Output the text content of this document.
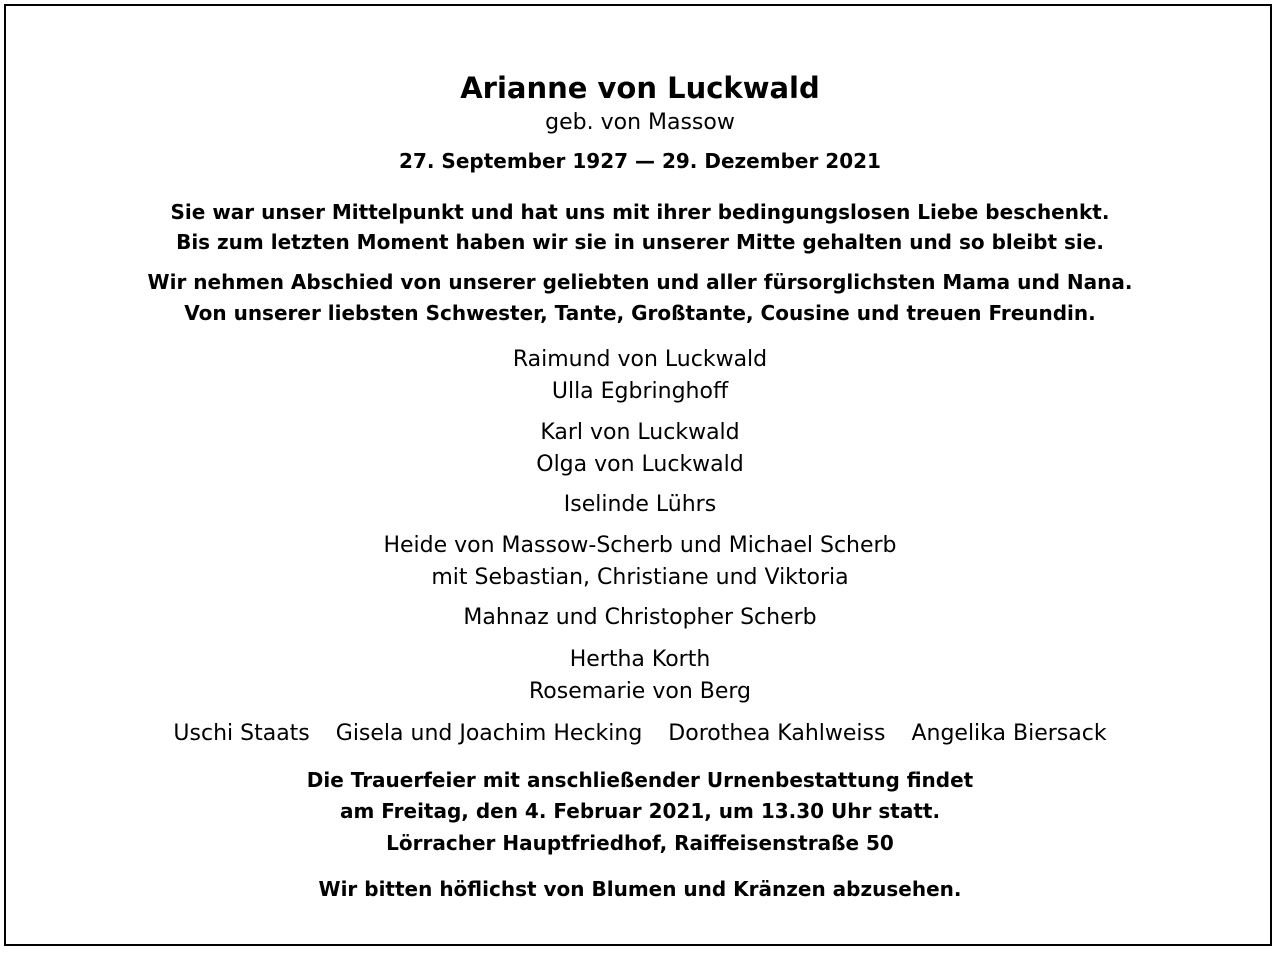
Arianne von Luckwald
geb. von Massow
27. September 1927 — 29. Dezember 2021
Sie war unser Mittelpunkt und hat uns mit ihrer bedingungslosen Liebe beschenkt.
Bis zum letzten Moment haben wir sie in unserer Mitte gehalten und so bleibt sie.
Wir nehmen Abschied von unserer geliebten und aller fürsorglichsten Mama und Nana.
Von unserer liebsten Schwester, Tante, Großtante, Cousine und treuen Freundin.
Raimund von Luckwald
Ulla Egbringhoff
Karl von Luckwald
Olga von Luckwald
Iselinde Lührs
Heide von Massow-Scherb und Michael Scherb
mit Sebastian, Christiane und Viktoria
Mahnaz und Christopher Scherb
Hertha Korth
Rosemarie von Berg
Uschi Staats Gisela und Joachim Hecking Dorothea Kahlweiss Angelika Biersack
Die Trauerfeier mit anschließender Urnenbestattung findet
am Freitag, den 4. Februar 2021, um 13.30 Uhr statt.
Lörracher Hauptfriedhof, Raiffeisenstraße 50
Wir bitten höflichst von Blumen und Kränzen abzusehen.
